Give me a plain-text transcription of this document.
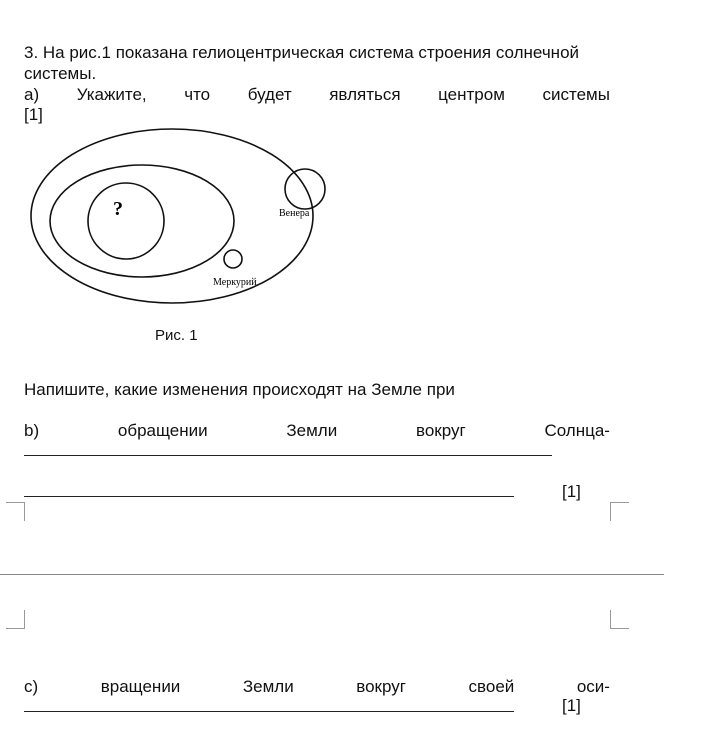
3. На рис.1 показана гелиоцентрическая система строения солнечной
системы.
а) Укажите, что будет являться центром системы
[1]
?	Венера
Меркурий
Рис. 1
Напишите, какие изменения происходят на Земле при
b)	обращении	Земли	вокруг	Солнца-
[1]
c)	вращении	Земли	вокруг	своей	оси-
[1]
